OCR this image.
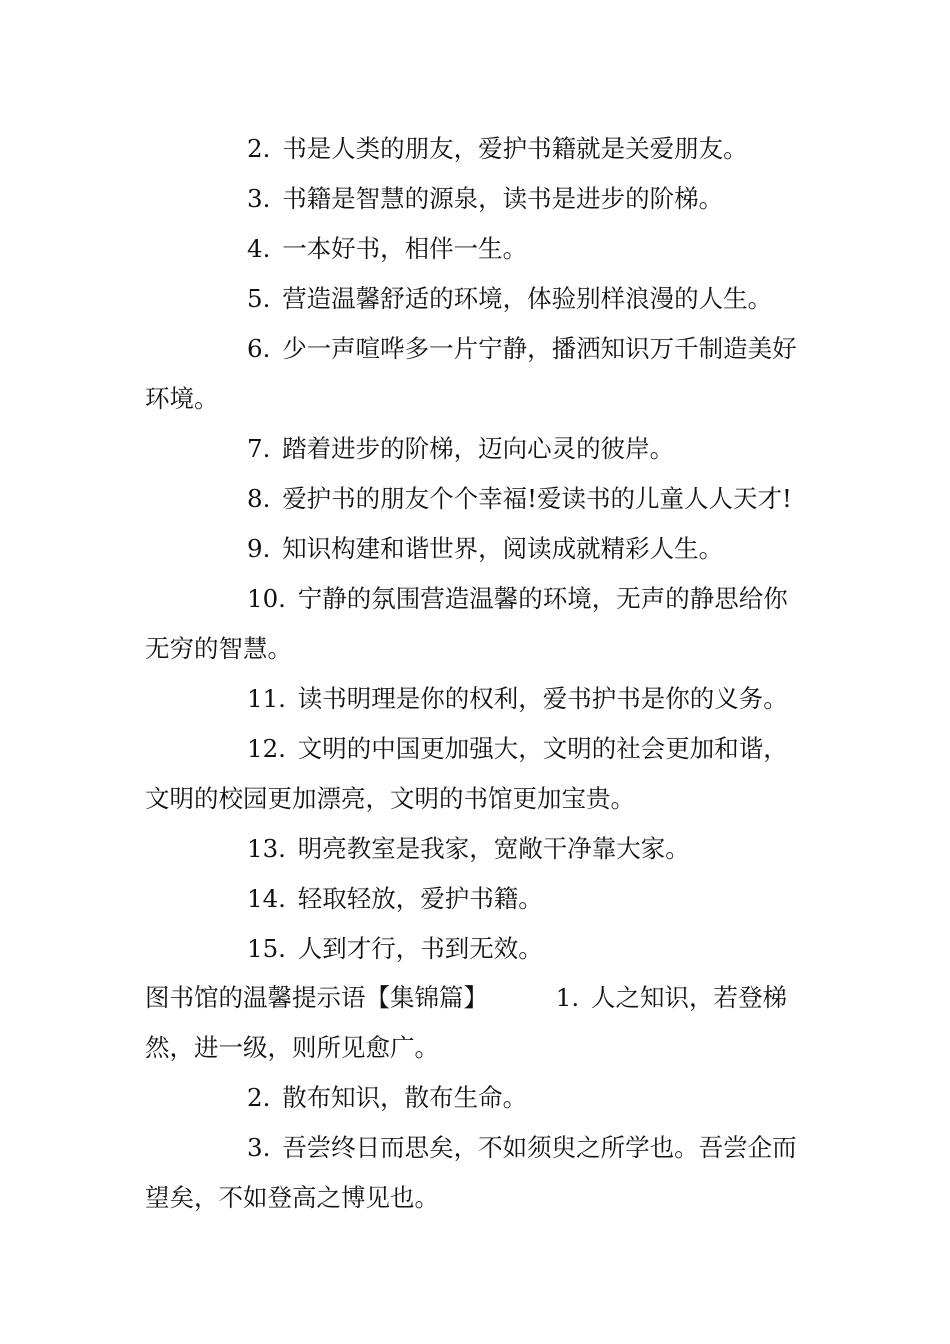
2. 书是人类的朋友，爱护书籍就是关爱朋友。

3. 书籍是智慧的源泉，读书是进步的阶梯。

4. 一本好书，相伴一生。

5. 营造温馨舒适的环境，体验别样浪漫的人生。

6. 少一声喧哗多一片宁静，播洒知识万千制造美好环境。

7. 踏着进步的阶梯，迈向心灵的彼岸。

8. 爱护书的朋友个个幸福!爱读书的儿童人人天才!

9. 知识构建和谐世界，阅读成就精彩人生。

10. 宁静的氛围营造温馨的环境，无声的静思给你无穷的智慧。

11. 读书明理是你的权利，爱书护书是你的义务。

12. 文明的中国更加强大，文明的社会更加和谐，文明的校园更加漂亮，文明的书馆更加宝贵。

13. 明亮教室是我家，宽敞干净靠大家。

14. 轻取轻放，爱护书籍。

15. 人到才行，书到无效。

图书馆的温馨提示语【集锦篇】	1. 人之知识，若登梯

然，进一级，则所见愈广。

2. 散布知识，散布生命。

3. 吾尝终日而思矣，不如须臾之所学也。吾尝企而望矣，不如登高之博见也。
